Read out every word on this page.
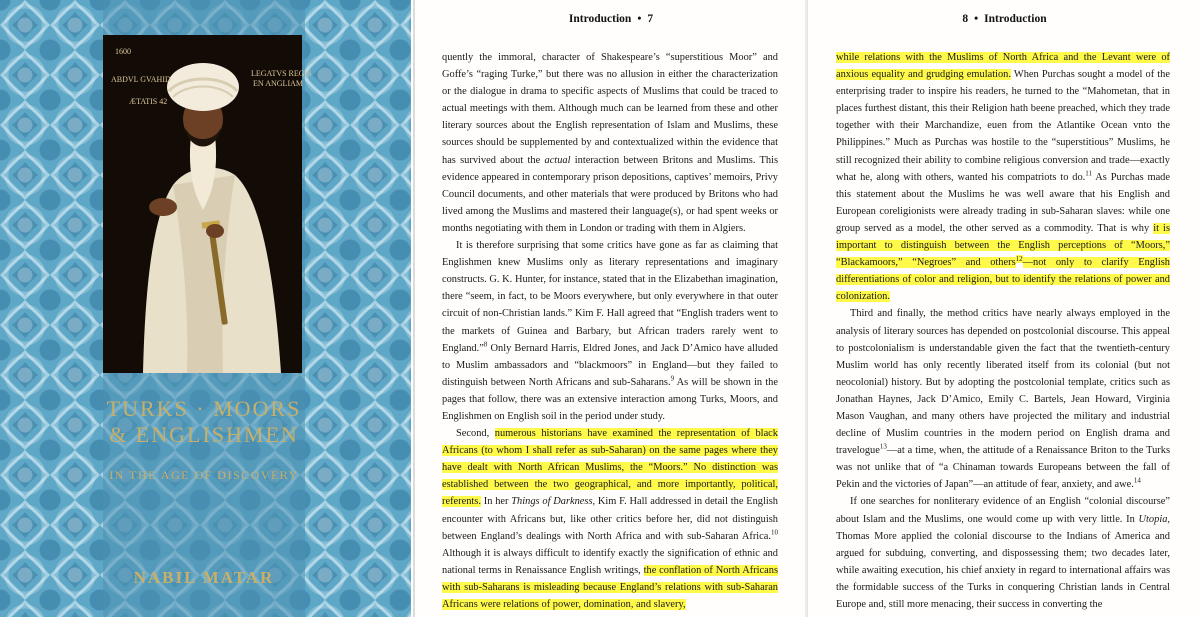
1600
ABDVL GVAHID
LEGATVS REGIS
EN ANGLIAM
ÆTATIS 42
TURKS · MOORS
& ENGLISHMEN
IN THE AGE OF DISCOVERY
NABIL MATAR
Introduction • 7

quently the immoral, character of Shakespeare’s “superstitious Moor” and Goffe’s “raging Turke,” but there was no allusion in either the characterization or the dialogue in drama to specific aspects of Muslims that could be traced to actual meetings with them. Although much can be learned from these and other literary sources about the English representation of Islam and Muslims, these sources should be supplemented by and contextualized within the evidence that has survived about the actual interaction between Britons and Muslims. This evidence appeared in contemporary prison depositions, captives’ memoirs, Privy Council documents, and other materials that were produced by Britons who had lived among the Muslims and mastered their language(s), or had spent weeks or months negotiating with them in London or trading with them in Algiers.

It is therefore surprising that some critics have gone as far as claiming that Englishmen knew Muslims only as literary representations and imaginary constructs. G. K. Hunter, for instance, stated that in the Elizabethan imagination, there “seem, in fact, to be Moors everywhere, but only everywhere in that outer circuit of non-Christian lands.” Kim F. Hall agreed that “English traders went to the markets of Guinea and Barbary, but African traders rarely went to England.”$^8$ Only Bernard Harris, Eldred Jones, and Jack D’Amico have alluded to Muslim ambassadors and “blackmoors” in England—but they failed to distinguish between North Africans and sub-Saharans.$^9$ As will be shown in the pages that follow, there was an extensive interaction among Turks, Moors, and Englishmen on English soil in the period under study.

Second, numerous historians have examined the representation of black Africans (to whom I shall refer as sub-Saharan) on the same pages where they have dealt with North African Muslims, the “Moors.” No distinction was established between the two geographical, and more importantly, political, referents. In her Things of Darkness, Kim F. Hall addressed in detail the English encounter with Africans but, like other critics before her, did not distinguish between England’s dealings with North Africa and with sub-Saharan Africa.$^{10}$ Although it is always difficult to identify exactly the signification of ethnic and national terms in Renaissance English writings, the conflation of North Africans with sub-Saharans is misleading because England’s relations with sub-Saharan Africans were relations of power, domination, and slavery,

8 • Introduction

while relations with the Muslims of North Africa and the Levant were of anxious equality and grudging emulation. When Purchas sought a model of the enterprising trader to inspire his readers, he turned to the “Mahometan, that in places furthest distant, this their Religion hath beene preached, which they trade together with their Marchandize, euen from the Atlantike Ocean vnto the Philippines.” Much as Purchas was hostile to the “superstitious” Muslims, he still recognized their ability to combine religious conversion and trade—exactly what he, along with others, wanted his compatriots to do.$^{11}$ As Purchas made this statement about the Muslims he was well aware that his English and European coreligionists were already trading in sub-Saharan slaves: while one group served as a model, the other served as a commodity. That is why it is important to distinguish between the English perceptions of “Moors,” “Blackamoors,” “Negroes” and others$^{12}$—not only to clarify English differentiations of color and religion, but to identify the relations of power and colonization.

Third and finally, the method critics have nearly always employed in the analysis of literary sources has depended on postcolonial discourse. This appeal to postcolonialism is understandable given the fact that the twentieth-century Muslim world has only recently liberated itself from its colonial (but not neocolonial) history. But by adopting the postcolonial template, critics such as Jonathan Haynes, Jack D’Amico, Emily C. Bartels, Jean Howard, Virginia Mason Vaughan, and many others have projected the military and industrial decline of Muslim countries in the modern period on English drama and travelogue$^{13}$—at a time, when, the attitude of a Renaissance Briton to the Turks was not unlike that of “a Chinaman towards Europeans between the fall of Pekin and the victories of Japan”—an attitude of fear, anxiety, and awe.$^{14}$

If one searches for nonliterary evidence of an English “colonial discourse” about Islam and the Muslims, one would come up with very little. In Utopia, Thomas More applied the colonial discourse to the Indians of America and argued for subduing, converting, and dispossessing them; two decades later, while awaiting execution, his chief anxiety in regard to international affairs was the formidable success of the Turks in conquering Christian lands in Central Europe and, still more menacing, their success in converting the
